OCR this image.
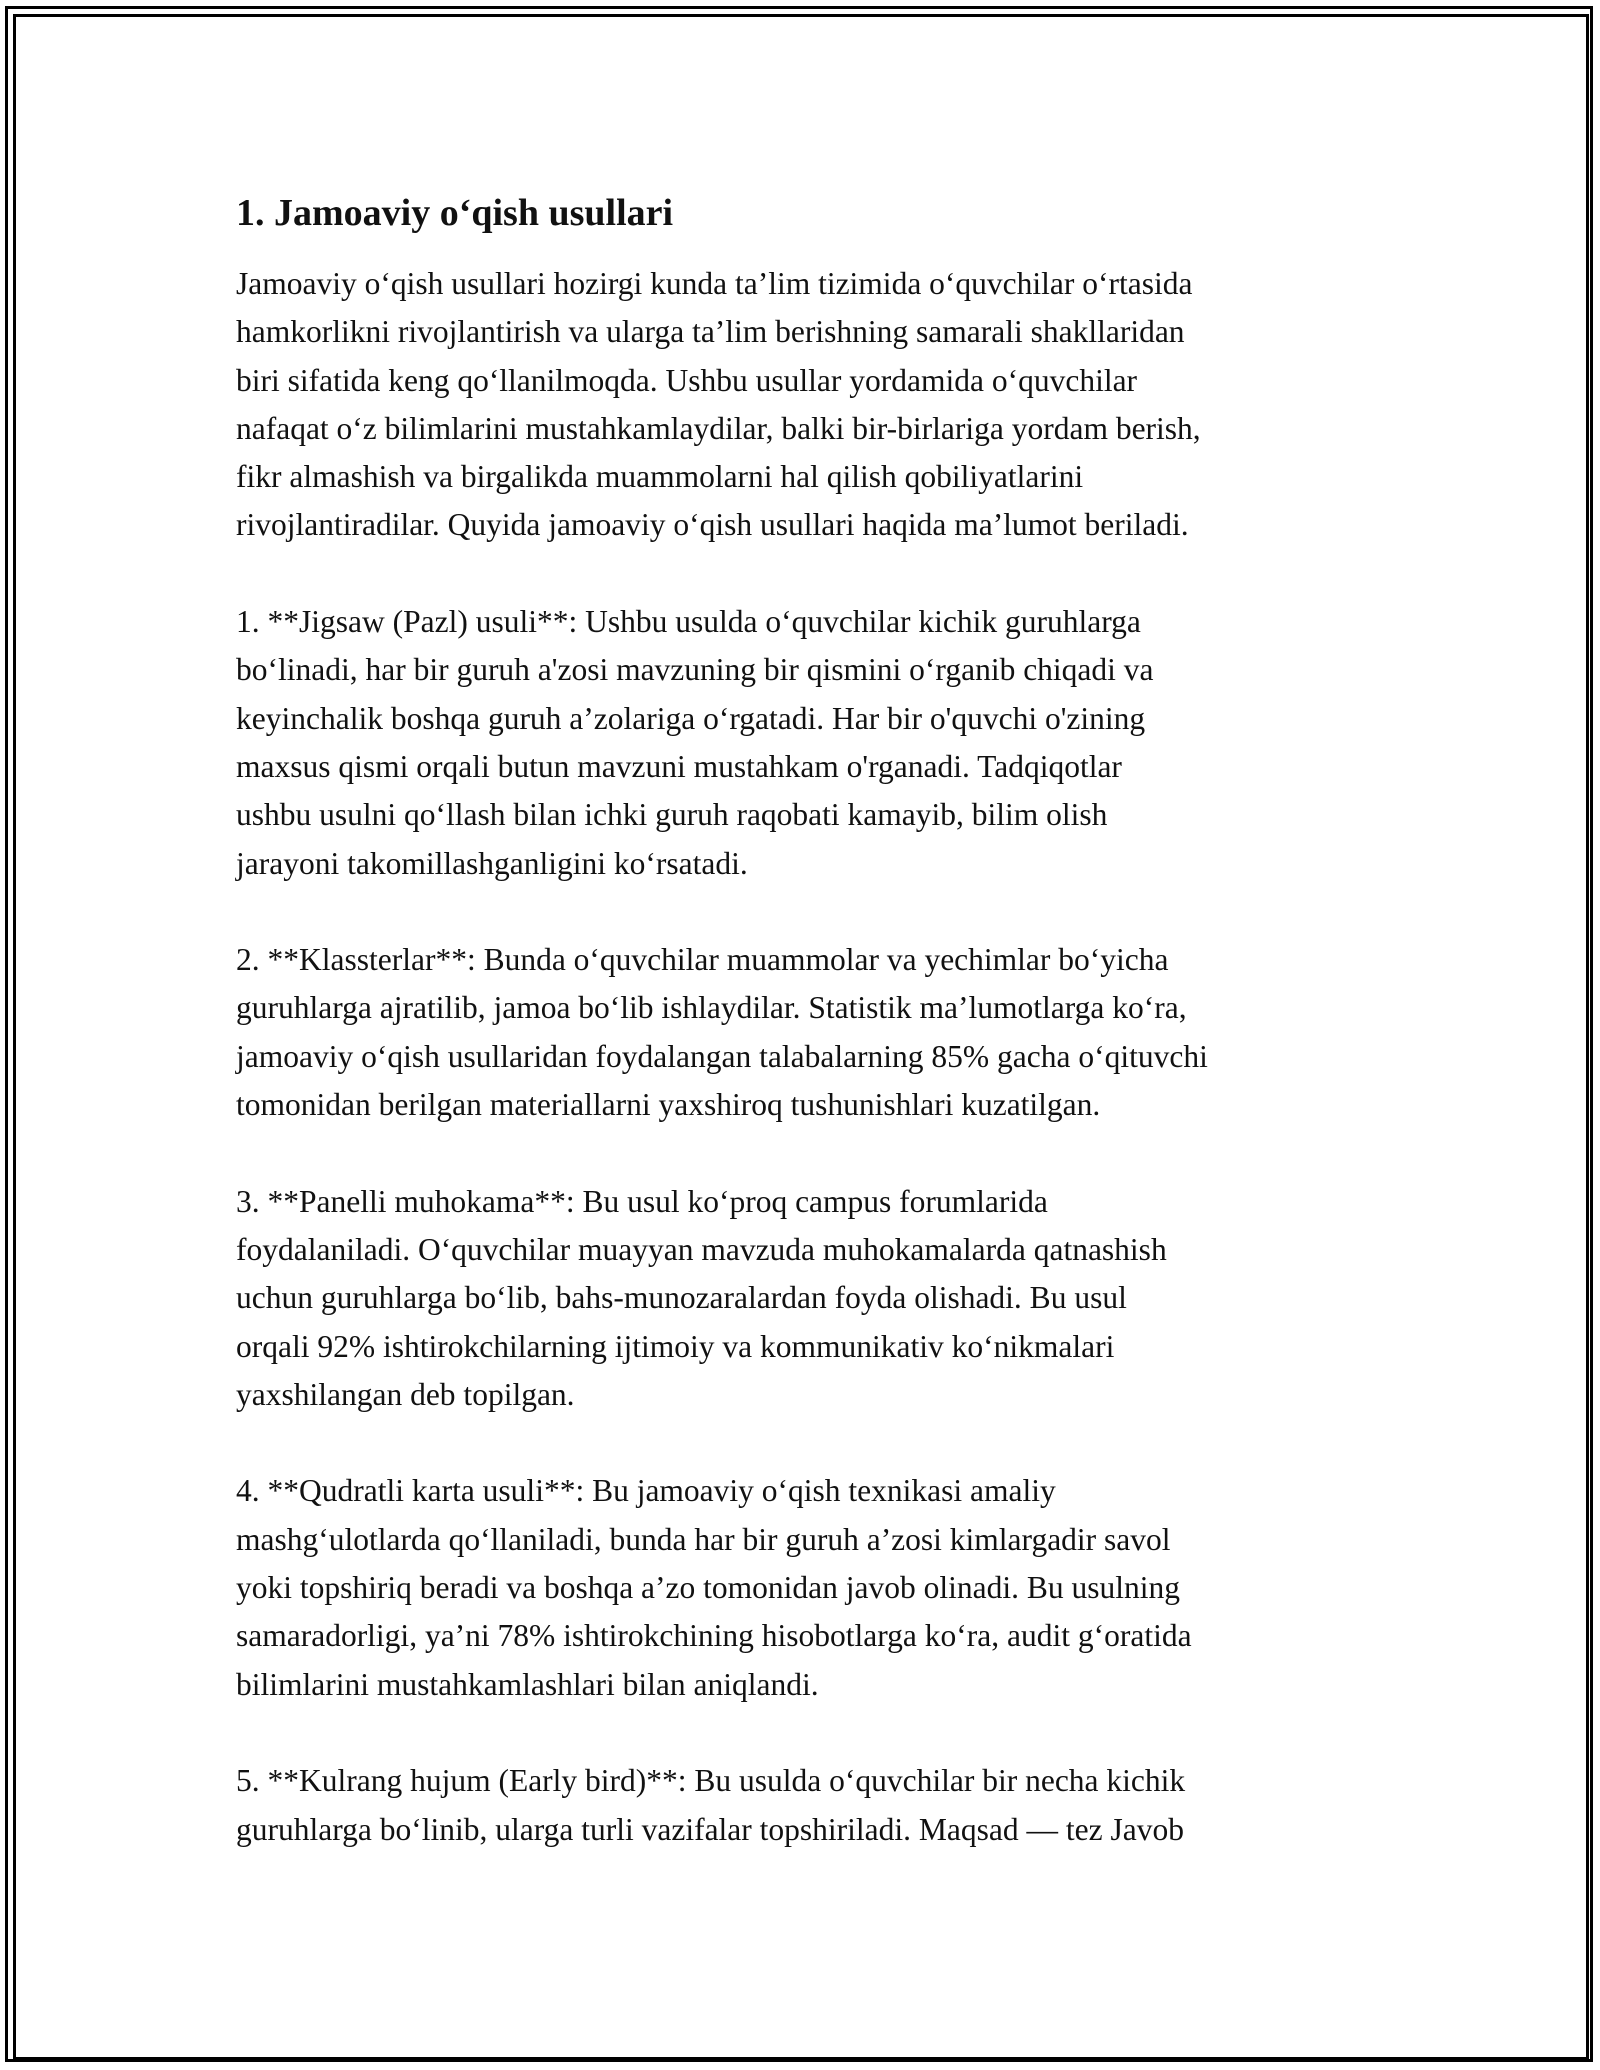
1. Jamoaviy o‘qish usullari

Jamoaviy o‘qish usullari hozirgi kunda ta’lim tizimida o‘quvchilar o‘rtasida
hamkorlikni rivojlantirish va ularga ta’lim berishning samarali shakllaridan
biri sifatida keng qo‘llanilmoqda. Ushbu usullar yordamida o‘quvchilar
nafaqat o‘z bilimlarini mustahkamlaydilar, balki bir-birlariga yordam berish,
fikr almashish va birgalikda muammolarni hal qilish qobiliyatlarini
rivojlantiradilar. Quyida jamoaviy o‘qish usullari haqida ma’lumot beriladi.

1. **Jigsaw (Pazl) usuli**: Ushbu usulda o‘quvchilar kichik guruhlarga
bo‘linadi, har bir guruh a'zosi mavzuning bir qismini o‘rganib chiqadi va
keyinchalik boshqa guruh a’zolariga o‘rgatadi. Har bir o'quvchi o'zining
maxsus qismi orqali butun mavzuni mustahkam o'rganadi. Tadqiqotlar
ushbu usulni qo‘llash bilan ichki guruh raqobati kamayib, bilim olish
jarayoni takomillashganligini ko‘rsatadi.

2. **Klassterlar**: Bunda o‘quvchilar muammolar va yechimlar bo‘yicha
guruhlarga ajratilib, jamoa bo‘lib ishlaydilar. Statistik ma’lumotlarga ko‘ra,
jamoaviy o‘qish usullaridan foydalangan talabalarning 85% gacha o‘qituvchi
tomonidan berilgan materiallarni yaxshiroq tushunishlari kuzatilgan.

3. **Panelli muhokama**: Bu usul ko‘proq campus forumlarida
foydalaniladi. O‘quvchilar muayyan mavzuda muhokamalarda qatnashish
uchun guruhlarga bo‘lib, bahs-munozaralardan foyda olishadi. Bu usul
orqali 92% ishtirokchilarning ijtimoiy va kommunikativ ko‘nikmalari
yaxshilangan deb topilgan.

4. **Qudratli karta usuli**: Bu jamoaviy o‘qish texnikasi amaliy
mashg‘ulotlarda qo‘llaniladi, bunda har bir guruh a’zosi kimlargadir savol
yoki topshiriq beradi va boshqa a’zo tomonidan javob olinadi. Bu usulning
samaradorligi, ya’ni 78% ishtirokchining hisobotlarga ko‘ra, audit g‘oratida
bilimlarini mustahkamlashlari bilan aniqlandi.

5. **Kulrang hujum (Early bird)**: Bu usulda o‘quvchilar bir necha kichik
guruhlarga bo‘linib, ularga turli vazifalar topshiriladi. Maqsad — tez Javob
